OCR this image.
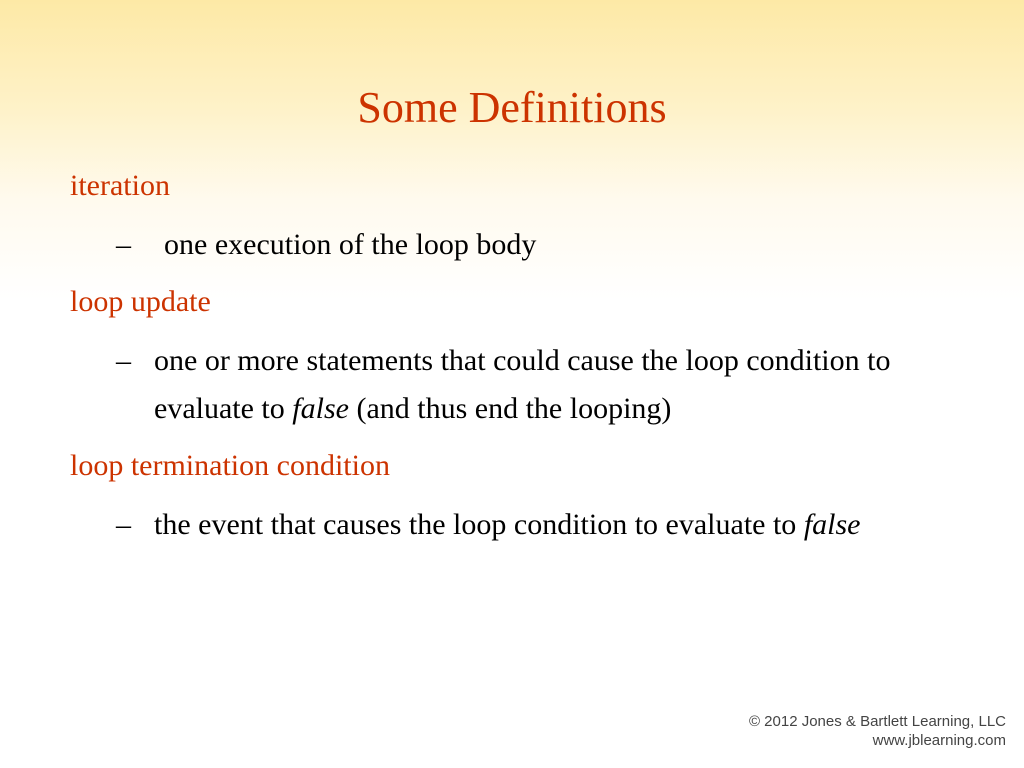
Some Definitions
iteration
–	one execution of the loop body
loop update
– one or more statements that could cause the loop condition to evaluate to false (and thus end the looping)
loop termination condition
– the event that causes the loop condition to evaluate to false
© 2012 Jones & Bartlett Learning, LLC
www.jblearning.com
